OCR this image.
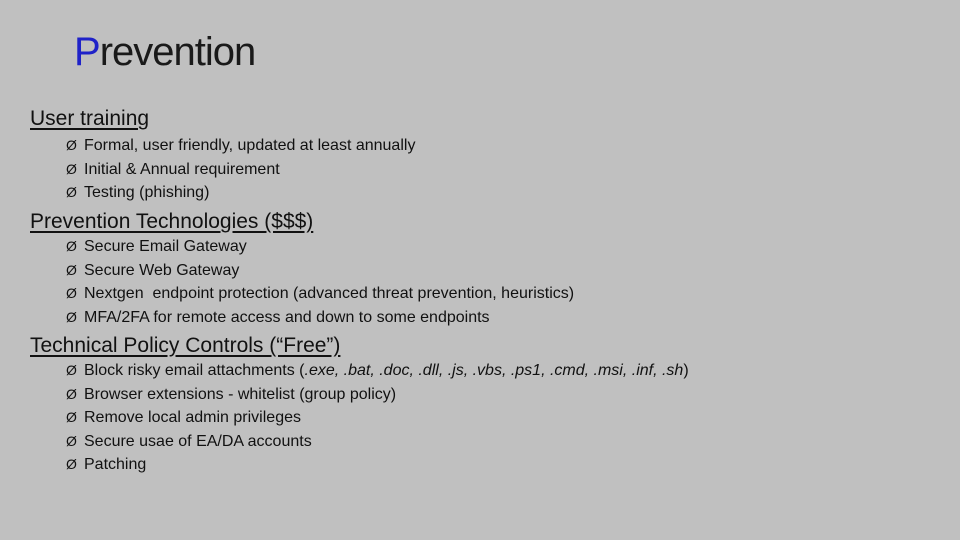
Prevention
User training
Ø Formal, user friendly, updated at least annually
Ø Initial & Annual requirement
Ø Testing (phishing)
Prevention Technologies ($$$)
Ø Secure Email Gateway
Ø Secure Web Gateway
Ø Nextgen  endpoint protection (advanced threat prevention, heuristics)
Ø MFA/2FA for remote access and down to some endpoints
Technical Policy Controls (“Free”)
Ø Block risky email attachments (.exe, .bat, .doc, .dll, .js, .vbs, .ps1, .cmd, .msi, .inf, .sh)
Ø Browser extensions - whitelist (group policy)
Ø Remove local admin privileges
Ø Secure usae of EA/DA accounts
Ø Patching
